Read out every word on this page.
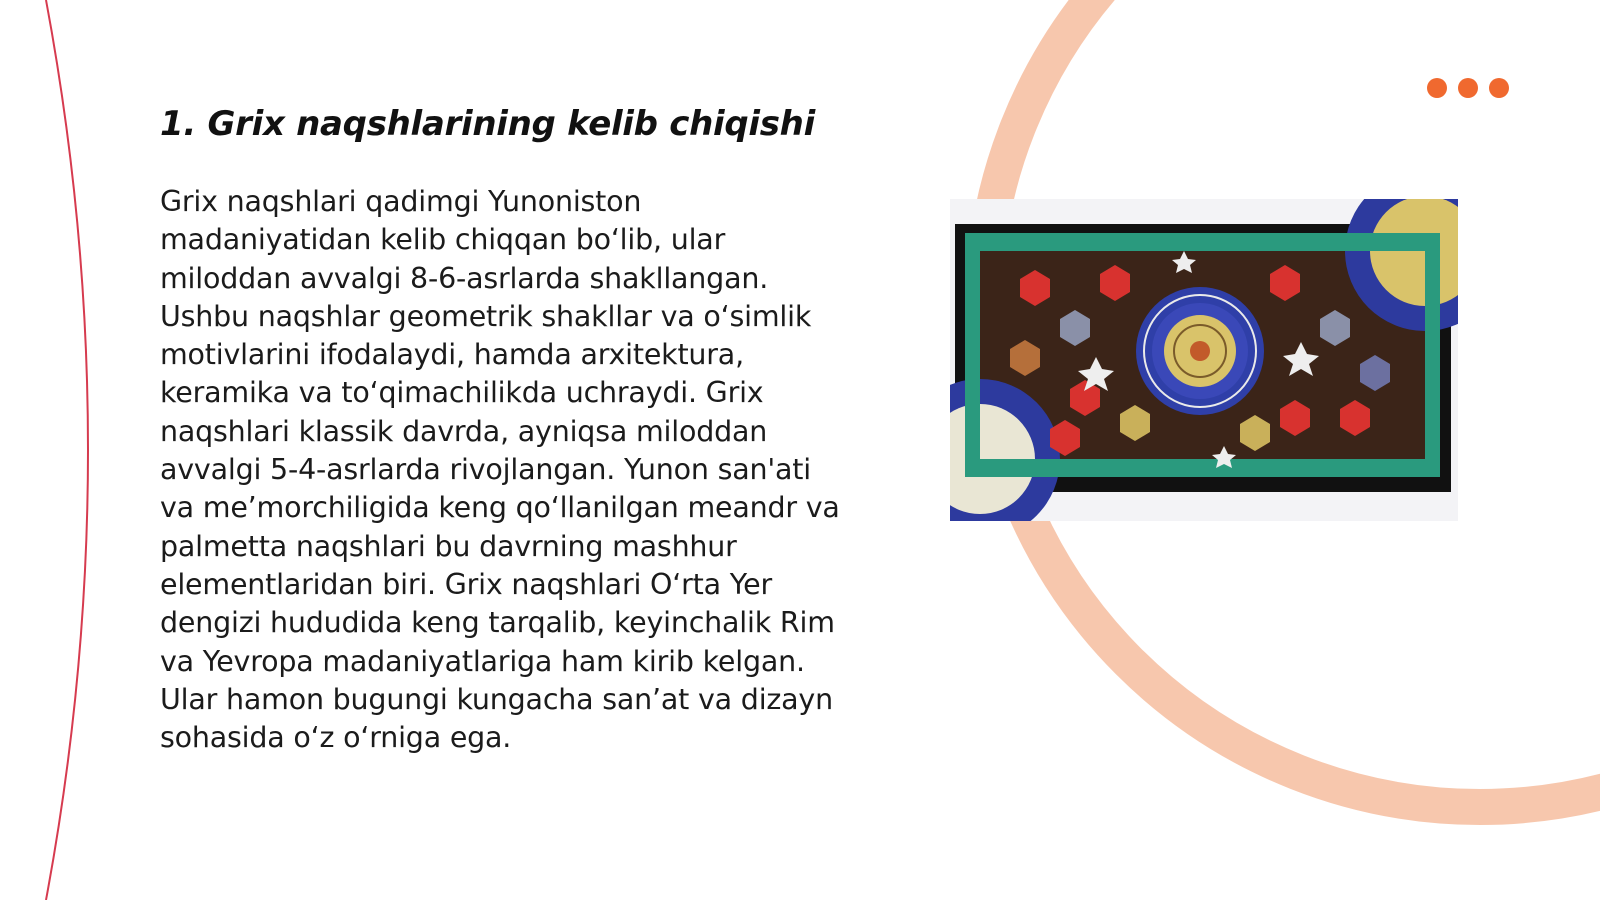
1. Grix naqshlarining kelib chiqishi

Grix naqshlari qadimgi Yunoniston madaniyatidan kelib chiqqan bo‘lib, ular miloddan avvalgi 8-6-asrlarda shakllangan. Ushbu naqshlar geometrik shakllar va o‘simlik motivlarini ifodalaydi, hamda arxitektura, keramika va to‘qimachilikda uchraydi. Grix naqshlari klassik davrda, ayniqsa miloddan avvalgi 5-4-asrlarda rivojlangan. Yunon san'ati va me’morchiligida keng qo‘llanilgan meandr va palmetta naqshlari bu davrning mashhur elementlaridan biri. Grix naqshlari O‘rta Yer dengizi hududida keng tarqalib, keyinchalik Rim va Yevropa madaniyatlariga ham kirib kelgan. Ular hamon bugungi kungacha san’at va dizayn sohasida o‘z o‘rniga ega.
